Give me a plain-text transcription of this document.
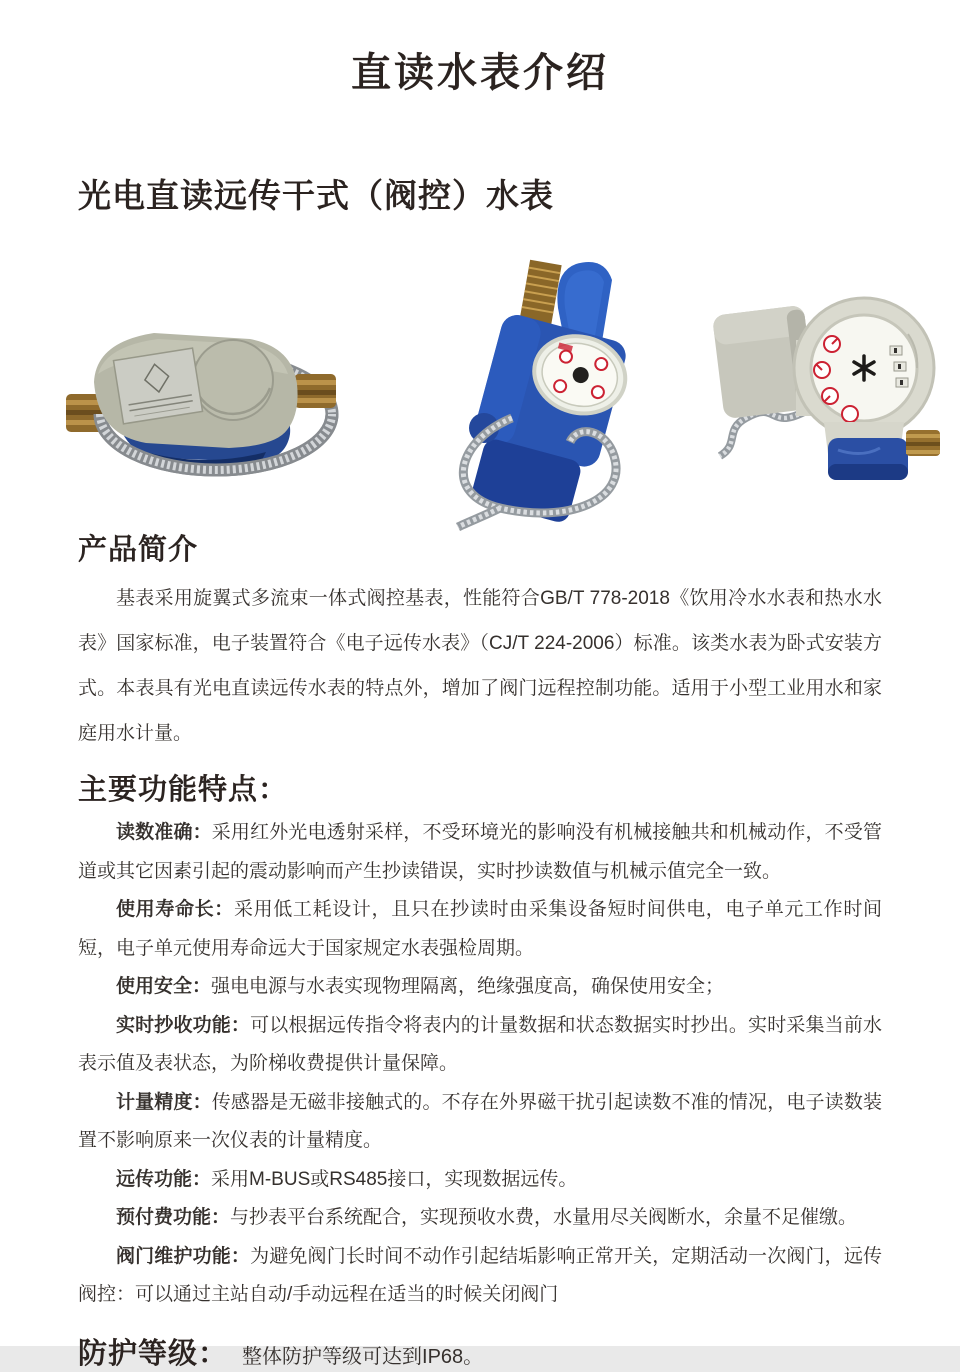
直读水表介绍
光电直读远传干式（阀控）水表
产品简介

基表采用旋翼式多流束一体式阀控基表，性能符合GB/T 778-2018《饮用冷水水表和热水水表》国家标准，电子装置符合《电子远传水表》（CJ/T 224-2006）标准。该类水表为卧式安装方式。本表具有光电直读远传水表的特点外，增加了阀门远程控制功能。适用于小型工业用水和家庭用水计量。

主要功能特点：

读数准确：采用红外光电透射采样，不受环境光的影响没有机械接触共和机械动作，不受管道或其它因素引起的震动影响而产生抄读错误，实时抄读数值与机械示值完全一致。

使用寿命长：采用低工耗设计，且只在抄读时由采集设备短时间供电，电子单元工作时间短，电子单元使用寿命远大于国家规定水表强检周期。

使用安全：强电电源与水表实现物理隔离，绝缘强度高，确保使用安全；

实时抄收功能：可以根据远传指令将表内的计量数据和状态数据实时抄出。实时采集当前水表示值及表状态，为阶梯收费提供计量保障。

计量精度：传感器是无磁非接触式的。不存在外界磁干扰引起读数不准的情况，电子读数装置不影响原来一次仪表的计量精度。

远传功能：采用M-BUS或RS485接口，实现数据远传。

预付费功能：与抄表平台系统配合，实现预收水费，水量用尽关阀断水，余量不足催缴。

阀门维护功能：为避免阀门长时间不动作引起结垢影响正常开关，定期活动一次阀门，远传阀控：可以通过主站自动/手动远程在适当的时候关闭阀门

防护等级： 整体防护等级可达到IP68。
